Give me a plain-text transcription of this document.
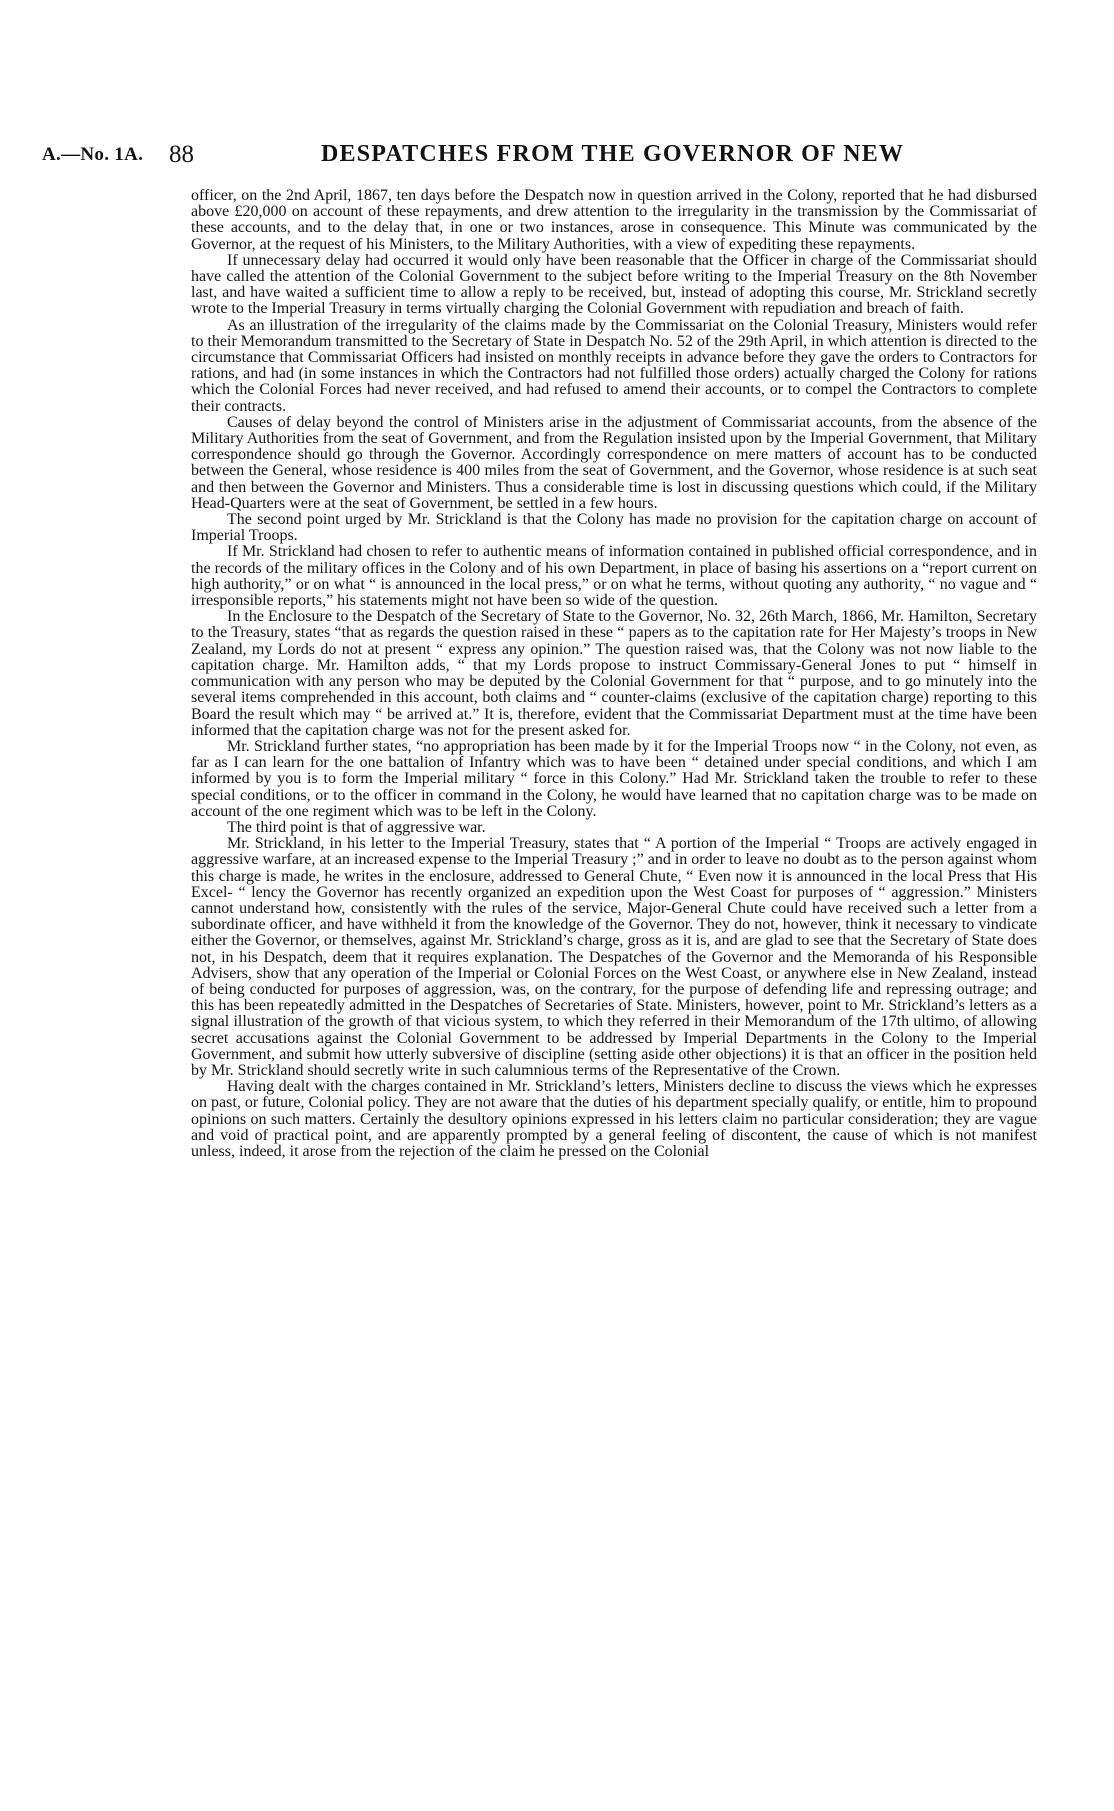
A.—No. 1A. 88	DESPATCHES FROM THE GOVERNOR OF NEW

officer, on the 2nd April, 1867, ten days before the Despatch now in question arrived in the Colony, reported that he had disbursed above £20,000 on account of these repayments, and drew attention to the irregularity in the transmission by the Commissariat of these accounts, and to the delay that, in one or two instances, arose in consequence. This Minute was communicated by the Governor, at the request of his Ministers, to the Military Authorities, with a view of expediting these repayments.

If unnecessary delay had occurred it would only have been reasonable that the Officer in charge of the Commissariat should have called the attention of the Colonial Government to the subject before writing to the Imperial Treasury on the 8th November last, and have waited a sufficient time to allow a reply to be received, but, instead of adopting this course, Mr. Strickland secretly wrote to the Imperial Treasury in terms virtually charging the Colonial Government with repudiation and breach of faith.

As an illustration of the irregularity of the claims made by the Commissariat on the Colonial Treasury, Ministers would refer to their Memorandum transmitted to the Secretary of State in Despatch No. 52 of the 29th April, in which attention is directed to the circumstance that Commissariat Officers had insisted on monthly receipts in advance before they gave the orders to Contractors for rations, and had (in some instances in which the Contractors had not fulfilled those orders) actually charged the Colony for rations which the Colonial Forces had never received, and had refused to amend their accounts, or to compel the Contractors to complete their contracts.

Causes of delay beyond the control of Ministers arise in the adjustment of Commissariat accounts, from the absence of the Military Authorities from the seat of Government, and from the Regulation insisted upon by the Imperial Government, that Military correspondence should go through the Governor. Accordingly correspondence on mere matters of account has to be conducted between the General, whose residence is 400 miles from the seat of Government, and the Governor, whose residence is at such seat and then between the Governor and Ministers. Thus a considerable time is lost in discussing questions which could, if the Military Head-Quarters were at the seat of Government, be settled in a few hours.

The second point urged by Mr. Strickland is that the Colony has made no provision for the capitation charge on account of Imperial Troops.

If Mr. Strickland had chosen to refer to authentic means of information contained in published official correspondence, and in the records of the military offices in the Colony and of his own Department, in place of basing his assertions on a “report current on high authority,” or on what “ is announced in the local press,” or on what he terms, without quoting any authority, “ no vague and “ irresponsible reports,” his statements might not have been so wide of the question.

In the Enclosure to the Despatch of the Secretary of State to the Governor, No. 32, 26th March, 1866, Mr. Hamilton, Secretary to the Treasury, states “that as regards the question raised in these “ papers as to the capitation rate for Her Majesty’s troops in New Zealand, my Lords do not at present “ express any opinion.” The question raised was, that the Colony was not now liable to the capitation charge. Mr. Hamilton adds, “ that my Lords propose to instruct Commissary-General Jones to put “ himself in communication with any person who may be deputed by the Colonial Government for that “ purpose, and to go minutely into the several items comprehended in this account, both claims and “ counter-claims (exclusive of the capitation charge) reporting to this Board the result which may “ be arrived at.” It is, therefore, evident that the Commissariat Department must at the time have been informed that the capitation charge was not for the present asked for.

Mr. Strickland further states, “no appropriation has been made by it for the Imperial Troops now “ in the Colony, not even, as far as I can learn for the one battalion of Infantry which was to have been “ detained under special conditions, and which I am informed by you is to form the Imperial military “ force in this Colony.” Had Mr. Strickland taken the trouble to refer to these special conditions, or to the officer in command in the Colony, he would have learned that no capitation charge was to be made on account of the one regiment which was to be left in the Colony.

The third point is that of aggressive war.

Mr. Strickland, in his letter to the Imperial Treasury, states that “ A portion of the Imperial “ Troops are actively engaged in aggressive warfare, at an increased expense to the Imperial Treasury ;” and in order to leave no doubt as to the person against whom this charge is made, he writes in the enclosure, addressed to General Chute, “ Even now it is announced in the local Press that His Excel- “ lency the Governor has recently organized an expedition upon the West Coast for purposes of “ aggression.” Ministers cannot understand how, consistently with the rules of the service, Major-General Chute could have received such a letter from a subordinate officer, and have withheld it from the knowledge of the Governor. They do not, however, think it necessary to vindicate either the Governor, or themselves, against Mr. Strickland’s charge, gross as it is, and are glad to see that the Secretary of State does not, in his Despatch, deem that it requires explanation. The Despatches of the Governor and the Memoranda of his Responsible Advisers, show that any operation of the Imperial or Colonial Forces on the West Coast, or anywhere else in New Zealand, instead of being conducted for purposes of aggression, was, on the contrary, for the purpose of defending life and repressing outrage; and this has been repeatedly admitted in the Despatches of Secretaries of State. Ministers, however, point to Mr. Strickland’s letters as a signal illustration of the growth of that vicious system, to which they referred in their Memorandum of the 17th ultimo, of allowing secret accusations against the Colonial Government to be addressed by Imperial Departments in the Colony to the Imperial Government, and submit how utterly subversive of discipline (setting aside other objections) it is that an officer in the position held by Mr. Strickland should secretly write in such calumnious terms of the Representative of the Crown.

Having dealt with the charges contained in Mr. Strickland’s letters, Ministers decline to discuss the views which he expresses on past, or future, Colonial policy. They are not aware that the duties of his department specially qualify, or entitle, him to propound opinions on such matters. Certainly the desultory opinions expressed in his letters claim no particular consideration; they are vague and void of practical point, and are apparently prompted by a general feeling of discontent, the cause of which is not manifest unless, indeed, it arose from the rejection of the claim he pressed on the Colonial
